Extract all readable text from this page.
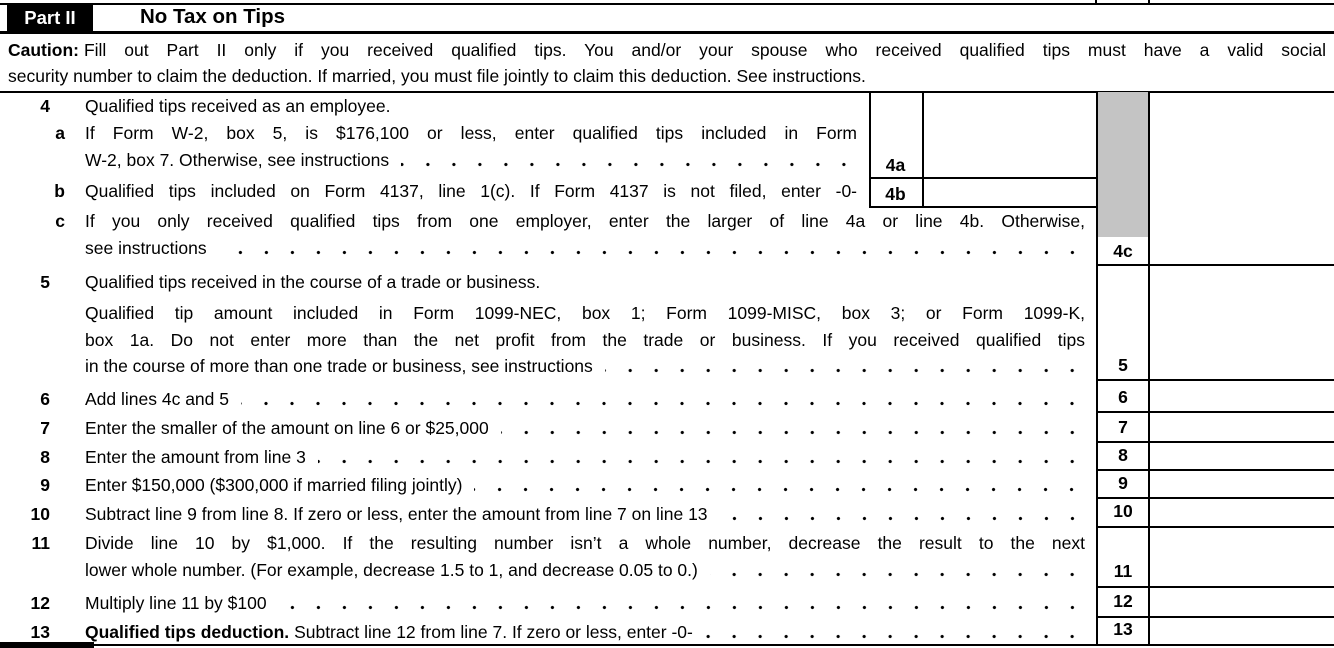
Part II	No Tax on Tips
Caution: Fill out Part II only if you received qualified tips. You and/or your spouse who received qualified tips must have a valid social
security number to claim the deduction. If married, you must file jointly to claim this deduction. See instructions.
4 Qualified tips received as an employee.
a If Form W-2, box 5, is $176,100 or less, enter qualified tips included in Form
W-2, box 7. Otherwise, see instructions	4a
b Qualified tips included on Form 4137, line 1(c). If Form 4137 is not filed, enter -0-	4b
c If you only received qualified tips from one employer, enter the larger of line 4a or line 4b. Otherwise,
see instructions	4c
5 Qualified tips received in the course of a trade or business.
Qualified tip amount included in Form 1099-NEC, box 1; Form 1099-MISC, box 3; or Form 1099-K,
box 1a. Do not enter more than the net profit from the trade or business. If you received qualified tips
in the course of more than one trade or business, see instructions	5
6 Add lines 4c and 5	6
7 Enter the smaller of the amount on line 6 or $25,000	7
8 Enter the amount from line 3	8
9 Enter $150,000 ($300,000 if married filing jointly)	9
10 Subtract line 9 from line 8. If zero or less, enter the amount from line 7 on line 13	10
11 Divide line 10 by $1,000. If the resulting number isn’t a whole number, decrease the result to the next
lower whole number. (For example, decrease 1.5 to 1, and decrease 0.05 to 0.)	11
12 Multiply line 11 by $100	12
13 Qualified tips deduction. Subtract line 12 from line 7. If zero or less, enter -0-	13
